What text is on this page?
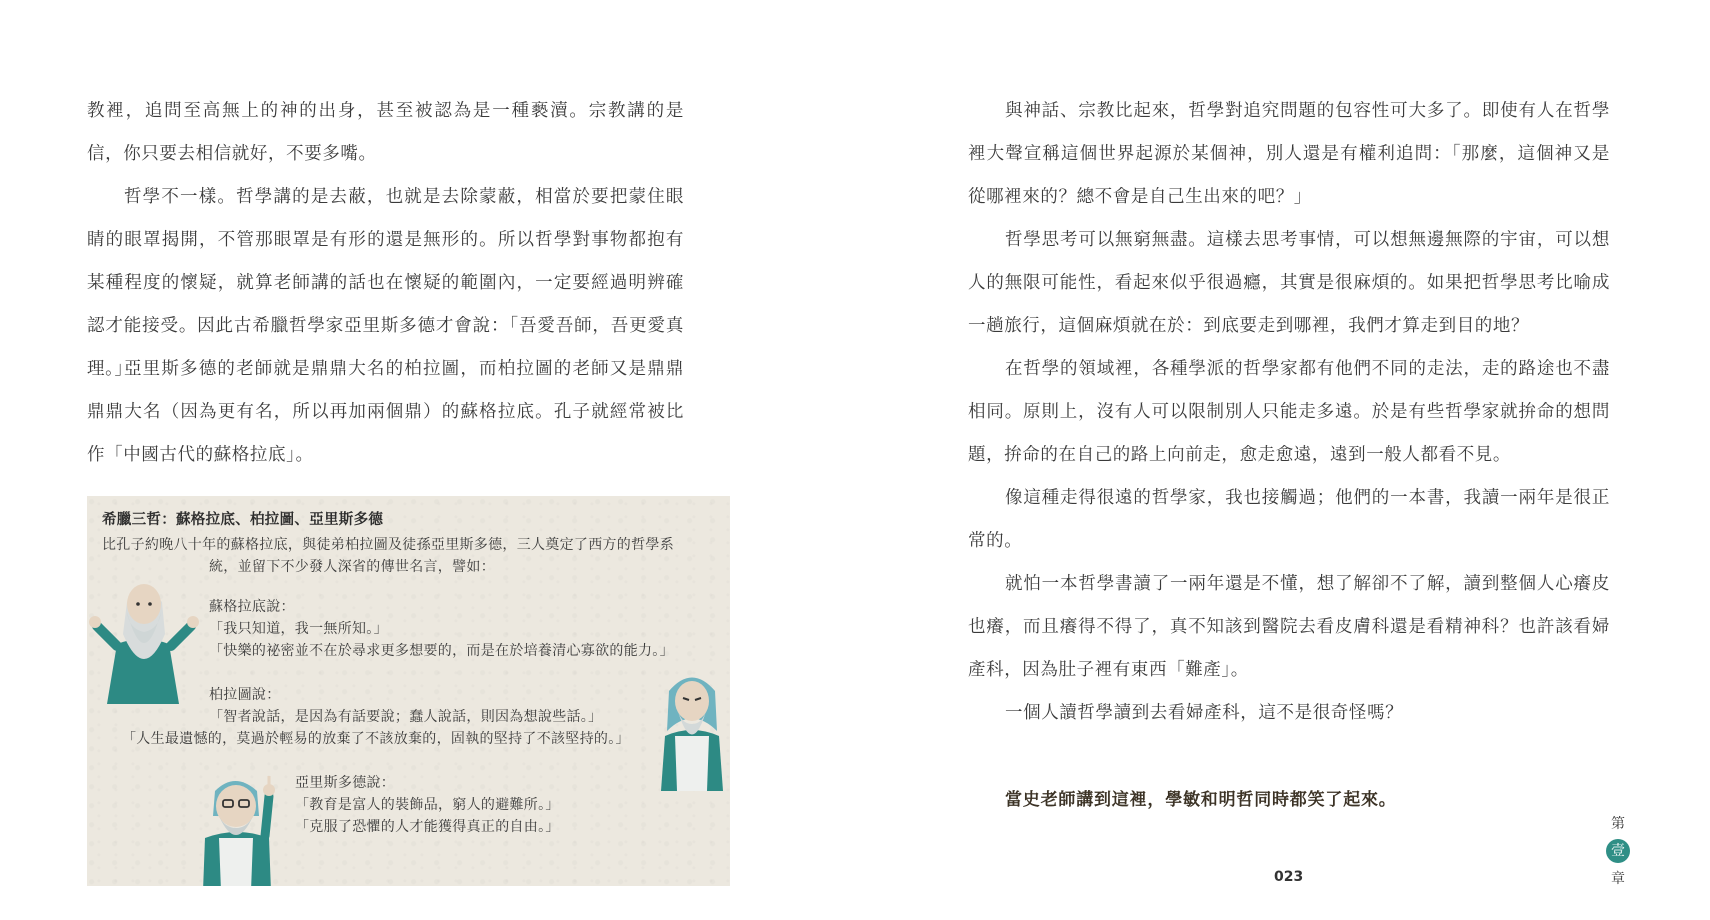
教裡，追問至高無上的神的出身，甚至被認為是一種褻瀆。宗教講的是信，你只要去相信就好，不要多嘴。

哲學不一樣。哲學講的是去蔽，也就是去除蒙蔽，相當於要把蒙住眼睛的眼罩揭開，不管那眼罩是有形的還是無形的。所以哲學對事物都抱有某種程度的懷疑，就算老師講的話也在懷疑的範圍內，一定要經過明辨確認才能接受。因此古希臘哲學家亞里斯多德才會說：「吾愛吾師，吾更愛真理。」

亞里斯多德的老師就是鼎鼎大名的柏拉圖，而柏拉圖的老師又是鼎鼎鼎鼎大名（因為更有名，所以再加兩個鼎）的蘇格拉底。孔子就經常被比作「中國古代的蘇格拉底」。

希臘三哲：蘇格拉底、柏拉圖、亞里斯多德

比孔子約晚八十年的蘇格拉底，與徒弟柏拉圖及徒孫亞里斯多德，三人奠定了西方的哲學系

統，並留下不少發人深省的傳世名言，譬如：

蘇格拉底說：

「我只知道，我一無所知。」

「快樂的祕密並不在於尋求更多想要的，而是在於培養清心寡欲的能力。」

柏拉圖說：

「智者說話，是因為有話要說；蠢人說話，則因為想說些話。」

「人生最遺憾的，莫過於輕易的放棄了不該放棄的，固執的堅持了不該堅持的。」

亞里斯多德說：

「教育是富人的裝飾品，窮人的避難所。」

「克服了恐懼的人才能獲得真正的自由。」

與神話、宗教比起來，哲學對追究問題的包容性可大多了。即使有人在哲學裡大聲宣稱這個世界起源於某個神，別人還是有權利追問：「那麼，這個神又是從哪裡來的？總不會是自己生出來的吧？」

哲學思考可以無窮無盡。這樣去思考事情，可以想無邊無際的宇宙，可以想人的無限可能性，看起來似乎很過癮，其實是很麻煩的。如果把哲學思考比喻成一趟旅行，這個麻煩就在於：到底要走到哪裡，我們才算走到目的地？

在哲學的領域裡，各種學派的哲學家都有他們不同的走法，走的路途也不盡相同。原則上，沒有人可以限制別人只能走多遠。於是有些哲學家就拚命的想問題，拚命的在自己的路上向前走，愈走愈遠，遠到一般人都看不見。

像這種走得很遠的哲學家，我也接觸過；他們的一本書，我讀一兩年是很正常的。

就怕一本哲學書讀了一兩年還是不懂，想了解卻不了解，讀到整個人心癢皮也癢，而且癢得不得了，真不知該到醫院去看皮膚科還是看精神科？也許該看婦產科，因為肚子裡有東西「難產」。

一個人讀哲學讀到去看婦產科，這不是很奇怪嗎？

當史老師講到這裡，學敏和明哲同時都笑了起來。

023
第
壹
章
